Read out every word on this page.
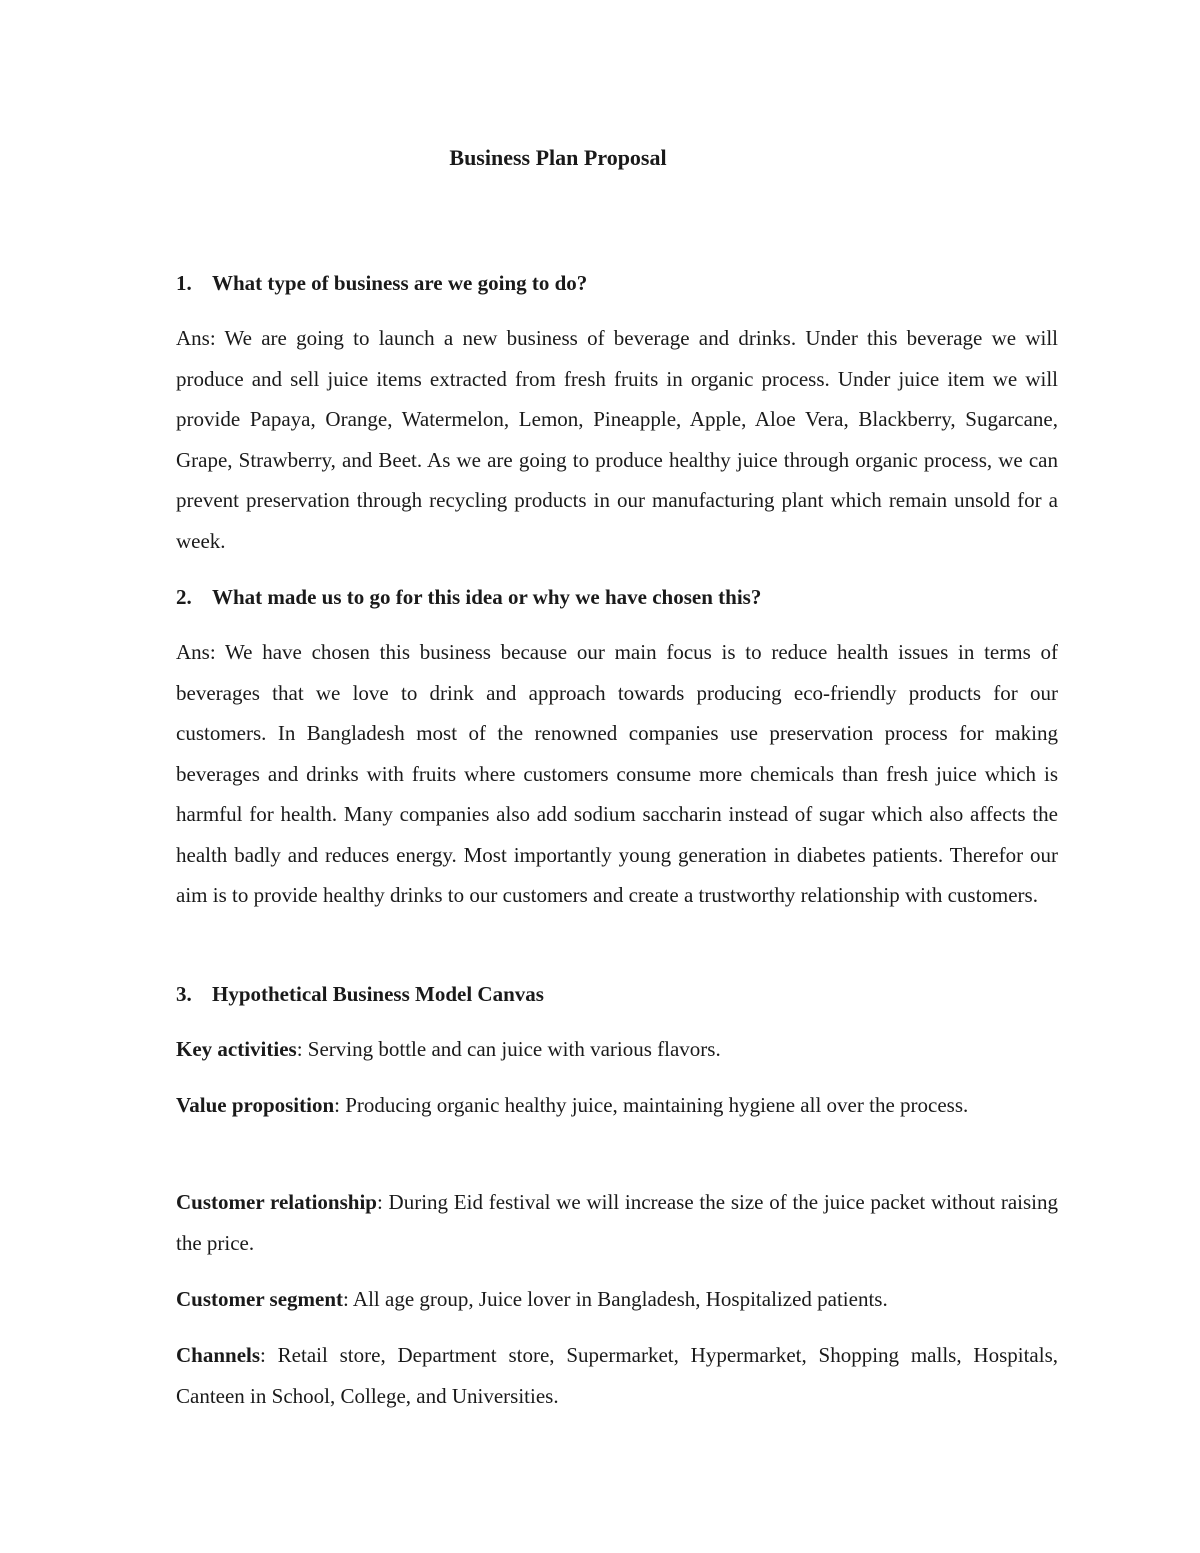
Business Plan Proposal
1. What type of business are we going to do?

Ans: We are going to launch a new business of beverage and drinks. Under this beverage we will produce and sell juice items extracted from fresh fruits in organic process. Under juice item we will provide Papaya, Orange, Watermelon, Lemon, Pineapple, Apple, Aloe Vera, Blackberry, Sugarcane, Grape, Strawberry, and Beet. As we are going to produce healthy juice through organic process, we can prevent preservation through recycling products in our manufacturing plant which remain unsold for a week.

2. What made us to go for this idea or why we have chosen this?

Ans: We have chosen this business because our main focus is to reduce health issues in terms of beverages that we love to drink and approach towards producing eco-friendly products for our customers. In Bangladesh most of the renowned companies use preservation process for making beverages and drinks with fruits where customers consume more chemicals than fresh juice which is harmful for health. Many companies also add sodium saccharin instead of sugar which also affects the health badly and reduces energy. Most importantly young generation in diabetes patients. Therefor our aim is to provide healthy drinks to our customers and create a trustworthy relationship with customers.

3. Hypothetical Business Model Canvas

Key activities: Serving bottle and can juice with various flavors.

Value proposition: Producing organic healthy juice, maintaining hygiene all over the process.

Customer relationship: During Eid festival we will increase the size of the juice packet without raising the price.

Customer segment: All age group, Juice lover in Bangladesh, Hospitalized patients.

Channels: Retail store, Department store, Supermarket, Hypermarket, Shopping malls, Hospitals, Canteen in School, College, and Universities.
